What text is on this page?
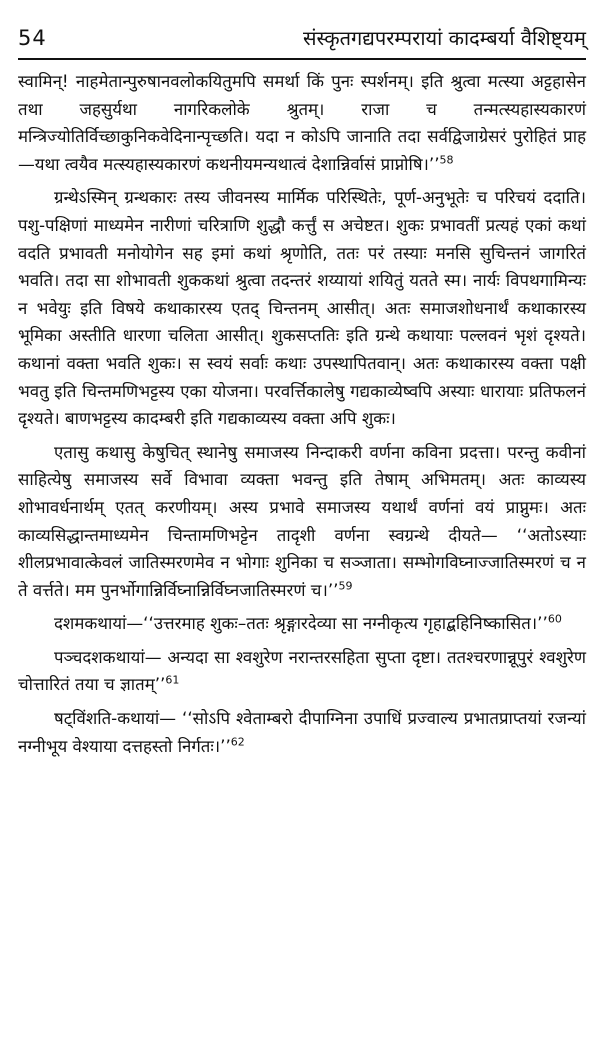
54	संस्कृतगद्यपरम्परायां कादम्बर्या वैशिष्ट्यम्

स्वामिन्! नाहमेतान्पुरुषानवलोकयितुमपि समर्था किं पुनः स्पर्शनम्। इति श्रुत्वा मत्स्या अट्टहासेन तथा जहसुर्यथा नागरिकलोके श्रुतम्। राजा च तन्मत्स्यहास्यकारणं मन्त्रिज्योतिर्विच्छाकुनिकवेदिनान्पृच्छति। यदा न कोऽपि जानाति तदा सर्वद्विजाग्रेसरं पुरोहितं प्राह—यथा त्वयैव मत्स्यहास्यकारणं कथनीयमन्यथात्वं देशान्निर्वासं प्राप्नोषि।’’$^{58}$

ग्रन्थेऽस्मिन् ग्रन्थकारः तस्य जीवनस्य मार्मिक परिस्थितेः, पूर्ण-अनुभूतेः च परिचयं ददाति। पशु-पक्षिणां माध्यमेन नारीणां चरित्राणि शुद्धौ कर्त्तुं स अचेष्टत। शुकः प्रभावतीं प्रत्यहं एकां कथां वदति प्रभावती मनोयोगेन सह इमां कथां श्रृणोति, ततः परं तस्याः मनसि सुचिन्तनं जागरितं भवति। तदा सा शोभावती शुककथां श्रुत्वा तदन्तरं शय्यायां शयितुं यतते स्म। नार्यः विपथगामिन्यः न भवेयुः इति विषये कथाकारस्य एतद् चिन्तनम् आसीत्। अतः समाजशोधनार्थं कथाकारस्य भूमिका अस्तीति धारणा चलिता आसीत्। शुकसप्ततिः इति ग्रन्थे कथायाः पल्लवनं भृशं दृश्यते। कथानां वक्ता भवति शुकः। स स्वयं सर्वाः कथाः उपस्थापितवान्। अतः कथाकारस्य वक्ता पक्षी भवतु इति चिन्तमणिभट्टस्य एका योजना। परवर्त्तिकालेषु गद्यकाव्येष्वपि अस्याः धारायाः प्रतिफलनं दृश्यते। बाणभट्टस्य कादम्बरी इति गद्यकाव्यस्य वक्ता अपि शुकः।

एतासु कथासु केषुचित् स्थानेषु समाजस्य निन्दाकरी वर्णना कविना प्रदत्ता। परन्तु कवीनां साहित्येषु समाजस्य सर्वे विभावा व्यक्ता भवन्तु इति तेषाम् अभिमतम्। अतः काव्यस्य शोभावर्धनार्थम् एतत् करणीयम्। अस्य प्रभावे समाजस्य यथार्थं वर्णनां वयं प्राप्नुमः। अतः काव्यसिद्धान्तमाध्यमेन चिन्तामणिभट्टेन तादृशी वर्णना स्वग्रन्थे दीयते— ‘‘अतोऽस्याः शीलप्रभावात्केवलं जातिस्मरणमेव न भोगाः शुनिका च सञ्जाता। सम्भोगविघ्नाज्जातिस्मरणं च न ते वर्त्तते। मम पुनर्भोगान्निर्विघ्नान्निर्विघ्नजातिस्मरणं च।’’$^{59}$

दशमकथायां—‘‘उत्तरमाह शुकः–ततः श्रृङ्गारदेव्या सा नग्नीकृत्य गृहाद्बहिनिष्कासित।’’$^{60}$

पञ्चदशकथायां— अन्यदा सा श्वशुरेण नरान्तरसहिता सुप्ता दृष्टा। ततश्चरणान्नूपुरं श्वशुरेण चोत्तारितं तया च ज्ञातम्’’$^{61}$

षट्विंशति-कथायां— ‘‘सोऽपि श्वेताम्बरो दीपाग्निना उपाधिं प्रज्वाल्य प्रभातप्राप्तयां रजन्यां नग्नीभूय वेश्याया दत्तहस्तो निर्गतः।’’$^{62}$
